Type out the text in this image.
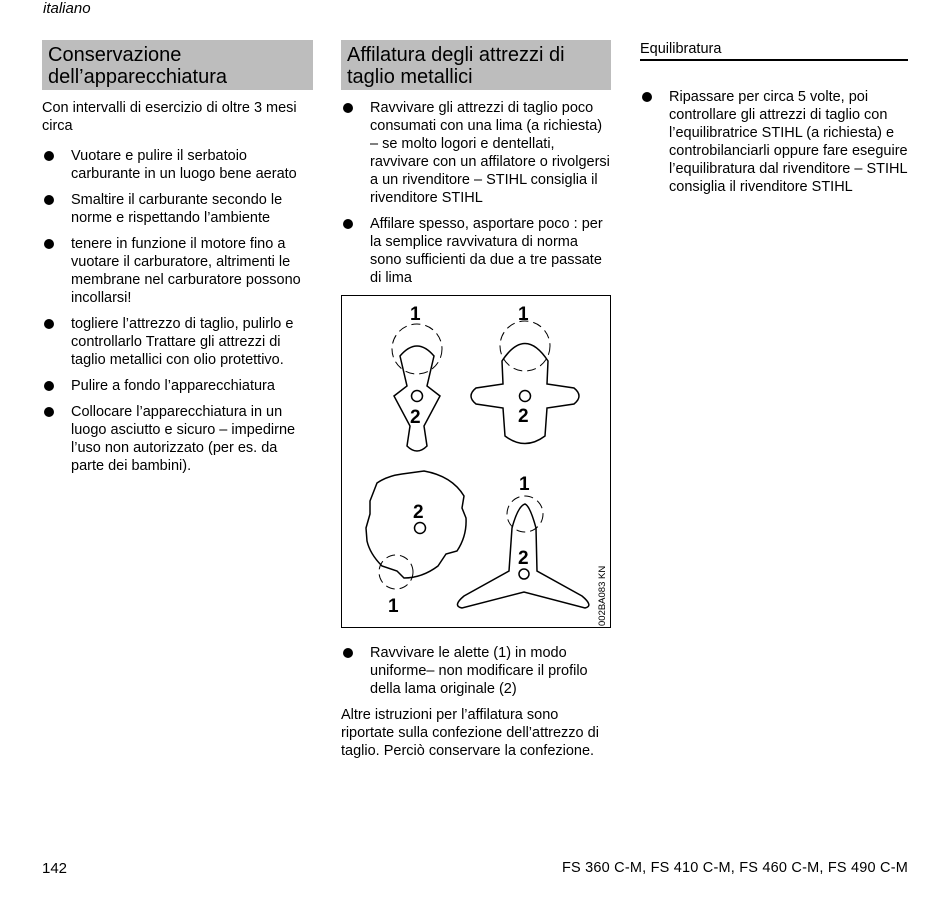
italiano
Conservazione
dell’apparecchiatura

Con intervalli di esercizio di oltre 3 mesi circa

Vuotare e pulire il serbatoio carburante in un luogo bene aerato
Smaltire il carburante secondo le norme e rispettando l’ambiente
tenere in funzione il motore fino a vuotare il carburatore, altrimenti le membrane nel carburatore possono incollarsi!
togliere l’attrezzo di taglio, pulirlo e controllarlo Trattare gli attrezzi di taglio metallici con olio protettivo.
Pulire a fondo l’apparecchiatura
Collocare l’apparecchiatura in un luogo asciutto e sicuro – impedirne l’uso non autorizzato (per es. da parte dei bambini).
Affilatura degli attrezzi di
taglio metallici
Ravvivare gli attrezzi di taglio poco consumati con una lima (a richiesta) – se molto logori e dentellati, ravvivare con un affilatore o rivolgersi a un rivenditore – STIHL consiglia il rivenditore STIHL
Affilare spesso, asportare poco : per la semplice ravvivatura di norma sono sufficienti da due a tre passate di lima
1	1
2	2
2
1
1
2
002BA083 KN
Ravvivare le alette (1) in modo uniforme– non modificare il profilo della lama originale (2)

Altre istruzioni per l’affilatura sono riportate sulla confezione dell’attrezzo di taglio. Perciò conservare la confezione.

Equilibratura
Ripassare per circa 5 volte, poi controllare gli attrezzi di taglio con l’equilibratrice STIHL (a richiesta) e controbilanciarli oppure fare eseguire l’equilibratura dal rivenditore – STIHL consiglia il rivenditore STIHL
142	FS 360 C-M, FS 410 C-M, FS 460 C-M, FS 490 C-M
